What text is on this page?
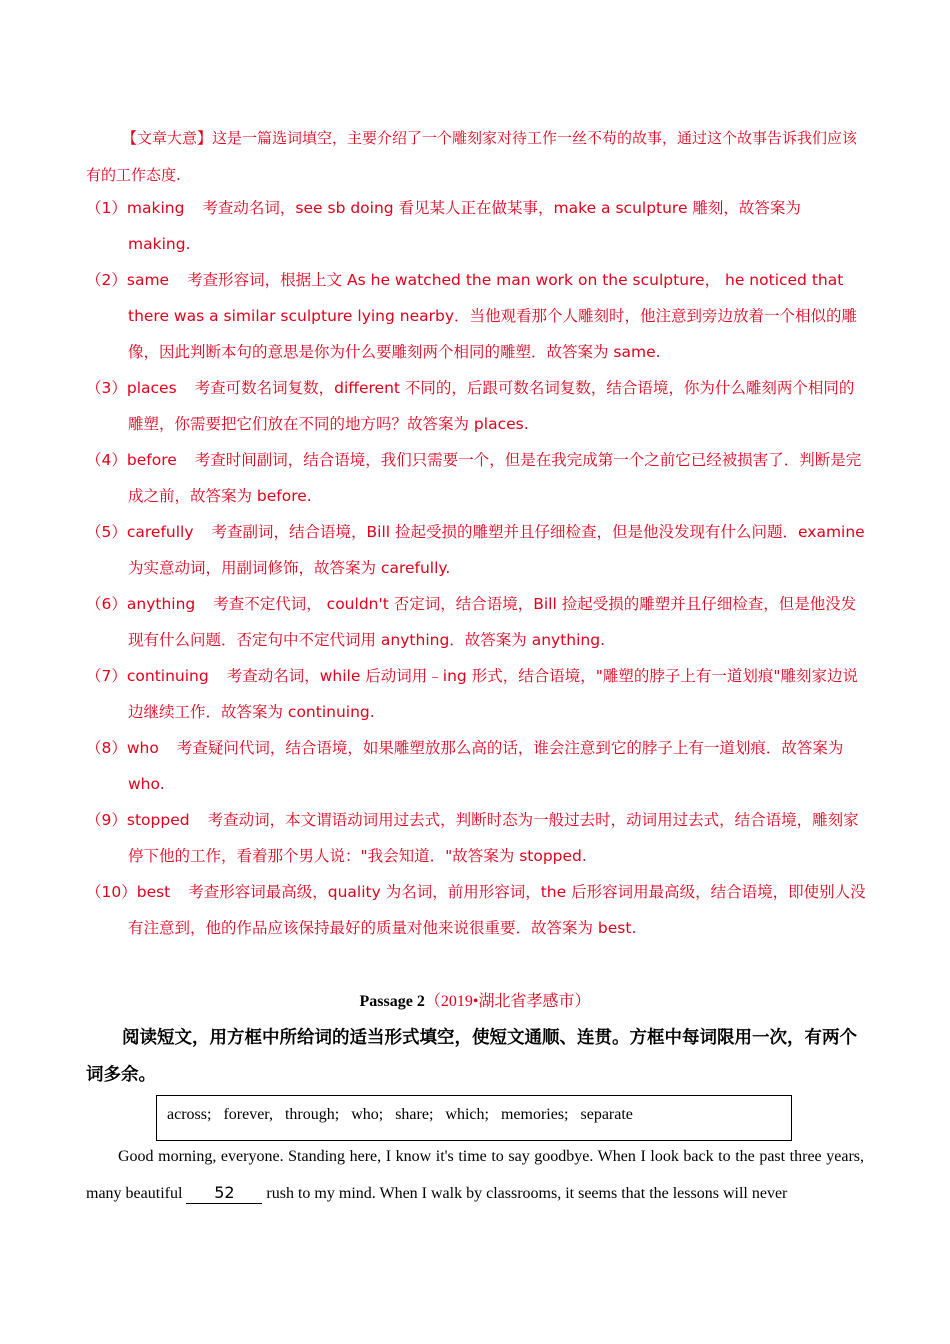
【文章大意】这是一篇选词填空，主要介绍了一个雕刻家对待工作一丝不苟的故事，通过这个故事告诉我们应该有的工作态度.
（1）making 考查动名词，see sb doing 看见某人正在做某事，make a sculpture 雕刻，故答案为 making.
（2）same 考查形容词，根据上文 As he watched the man work on the sculpture， he noticed that there was a similar sculpture lying nearby．当他观看那个人雕刻时，他注意到旁边放着一个相似的雕像，因此判断本句的意思是你为什么要雕刻两个相同的雕塑．故答案为 same.
（3）places 考查可数名词复数，different 不同的，后跟可数名词复数，结合语境，你为什么雕刻两个相同的雕塑，你需要把它们放在不同的地方吗？故答案为 places.
（4）before 考查时间副词，结合语境，我们只需要一个，但是在我完成第一个之前它已经被损害了．判断是完成之前，故答案为 before.
（5）carefully 考查副词，结合语境，Bill 捡起受损的雕塑并且仔细检查，但是他没发现有什么问题．examine 为实意动词，用副词修饰，故答案为 carefully.
（6）anything 考查不定代词， couldn't 否定词，结合语境，Bill 捡起受损的雕塑并且仔细检查，但是他没发现有什么问题．否定句中不定代词用 anything．故答案为 anything.
（7）continuing 考查动名词，while 后动词用﹣ing 形式，结合语境，"雕塑的脖子上有一道划痕"雕刻家边说边继续工作．故答案为 continuing.
（8）who 考查疑问代词，结合语境，如果雕塑放那么高的话，谁会注意到它的脖子上有一道划痕．故答案为 who.
（9）stopped 考查动词，本文谓语动词用过去式，判断时态为一般过去时，动词用过去式，结合语境，雕刻家停下他的工作，看着那个男人说："我会知道．"故答案为 stopped.
（10）best 考查形容词最高级，quality 为名词，前用形容词，the 后形容词用最高级，结合语境，即使别人没有注意到，他的作品应该保持最好的质量对他来说很重要．故答案为 best.
Passage 2（2019•湖北省孝感市）
阅读短文，用方框中所给词的适当形式填空，使短文通顺、连贯。方框中每词限用一次，有两个词多余。
across; forever, through; who; share; which; memories; separate
Good morning, everyone. Standing here, I know it's time to say goodbye. When I look back to the past three years, many beautiful 52 rush to my mind. When I walk by classrooms, it seems that the lessons will never
